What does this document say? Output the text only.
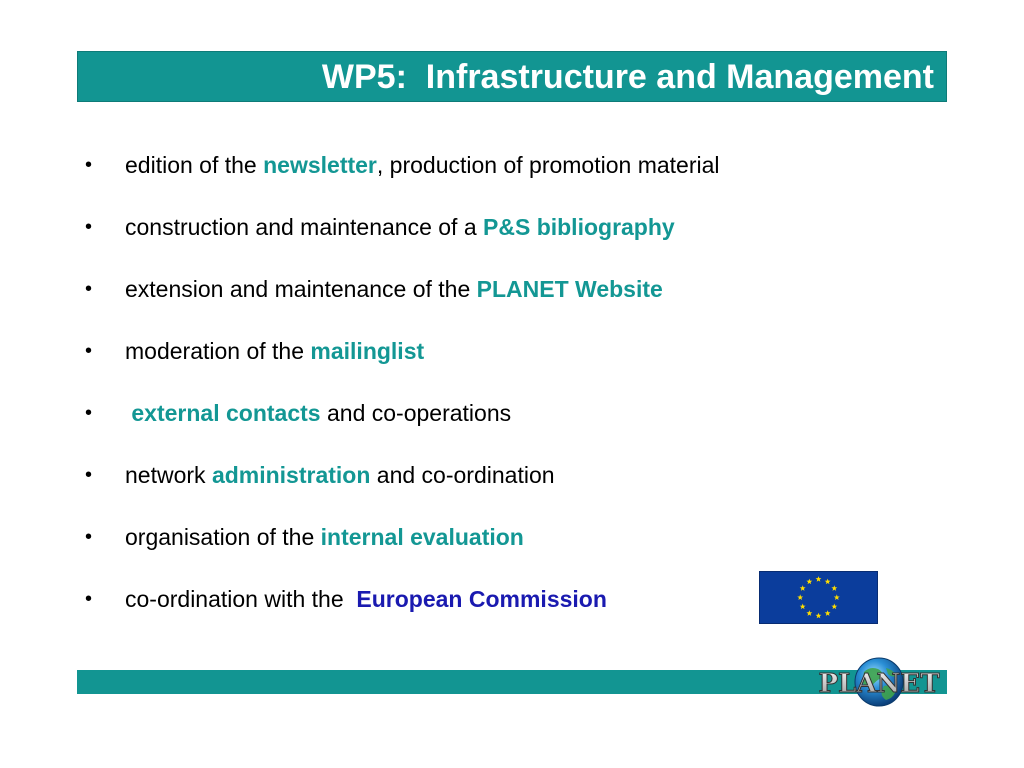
WP5:  Infrastructure and Management

•

	edition of the newsletter, production of promotion material

•

	construction and maintenance of a P&S bibliography

•

	extension and maintenance of the PLANET Website

•

	moderation of the mailinglist

•

	external contacts and co-operations

•

	network administration and co-ordination

•

	organisation of the internal evaluation

•

	co-ordination with the  European Commission

PLANET
